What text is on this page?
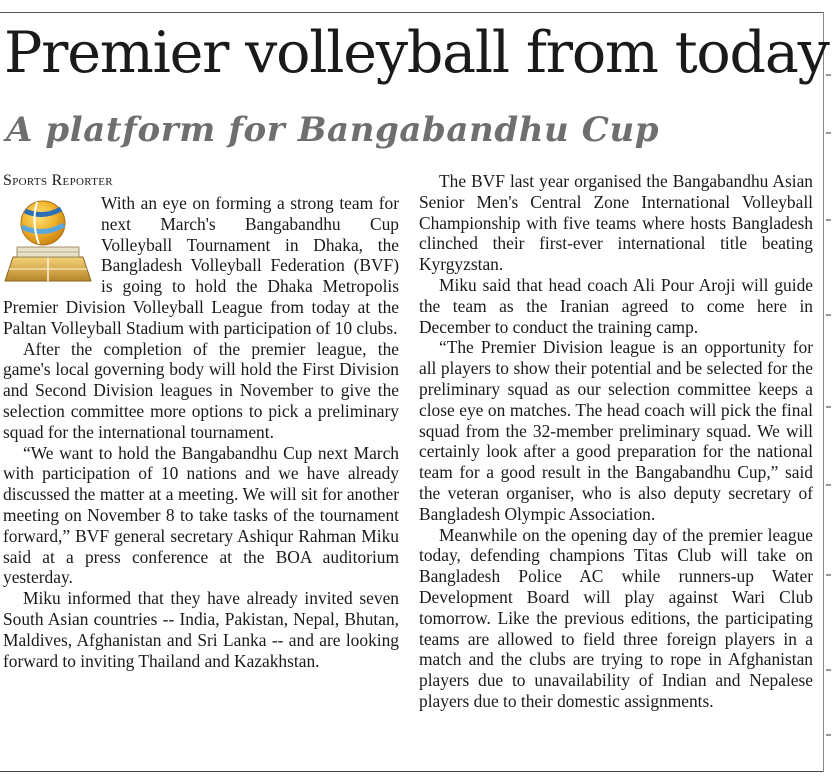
Premier volleyball from today
A platform for Bangabandhu Cup
Sports Reporter

With an eye on forming a strong team for next March's Bangabandhu Cup Volleyball Tournament in Dhaka, the Bangladesh Volleyball Federation (BVF) is going to hold the Dhaka Metropolis Premier Division Volleyball League from today at the Paltan Volleyball Stadium with participation of 10 clubs.

After the completion of the premier league, the game's local governing body will hold the First Division and Second Division leagues in November to give the selection committee more options to pick a preliminary squad for the international tournament.

“We want to hold the Bangabandhu Cup next March with participation of 10 nations and we have already discussed the matter at a meeting. We will sit for another meeting on November 8 to take tasks of the tournament forward,” BVF general secretary Ashiqur Rahman Miku said at a press conference at the BOA auditorium yesterday.

Miku informed that they have already invited seven South Asian countries -- India, Pakistan, Nepal, Bhutan, Maldives, Afghanistan and Sri Lanka -- and are looking forward to inviting Thailand and Kazakhstan.

The BVF last year organised the Bangabandhu Asian Senior Men's Central Zone International Volleyball Championship with five teams where hosts Bangladesh clinched their first-ever international title beating Kyrgyzstan.

Miku said that head coach Ali Pour Aroji will guide the team as the Iranian agreed to come here in December to conduct the training camp.

“The Premier Division league is an opportunity for all players to show their potential and be selected for the preliminary squad as our selection committee keeps a close eye on matches. The head coach will pick the final squad from the 32-member preliminary squad. We will certainly look after a good preparation for the national team for a good result in the Bangabandhu Cup,” said the veteran organiser, who is also deputy secretary of Bangladesh Olympic Association.

Meanwhile on the opening day of the premier league today, defending champions Titas Club will take on Bangladesh Police AC while runners-up Water Development Board will play against Wari Club tomorrow. Like the previous editions, the participating teams are allowed to field three foreign players in a match and the clubs are trying to rope in Afghanistan players due to unavailability of Indian and Nepalese players due to their domestic assignments.
